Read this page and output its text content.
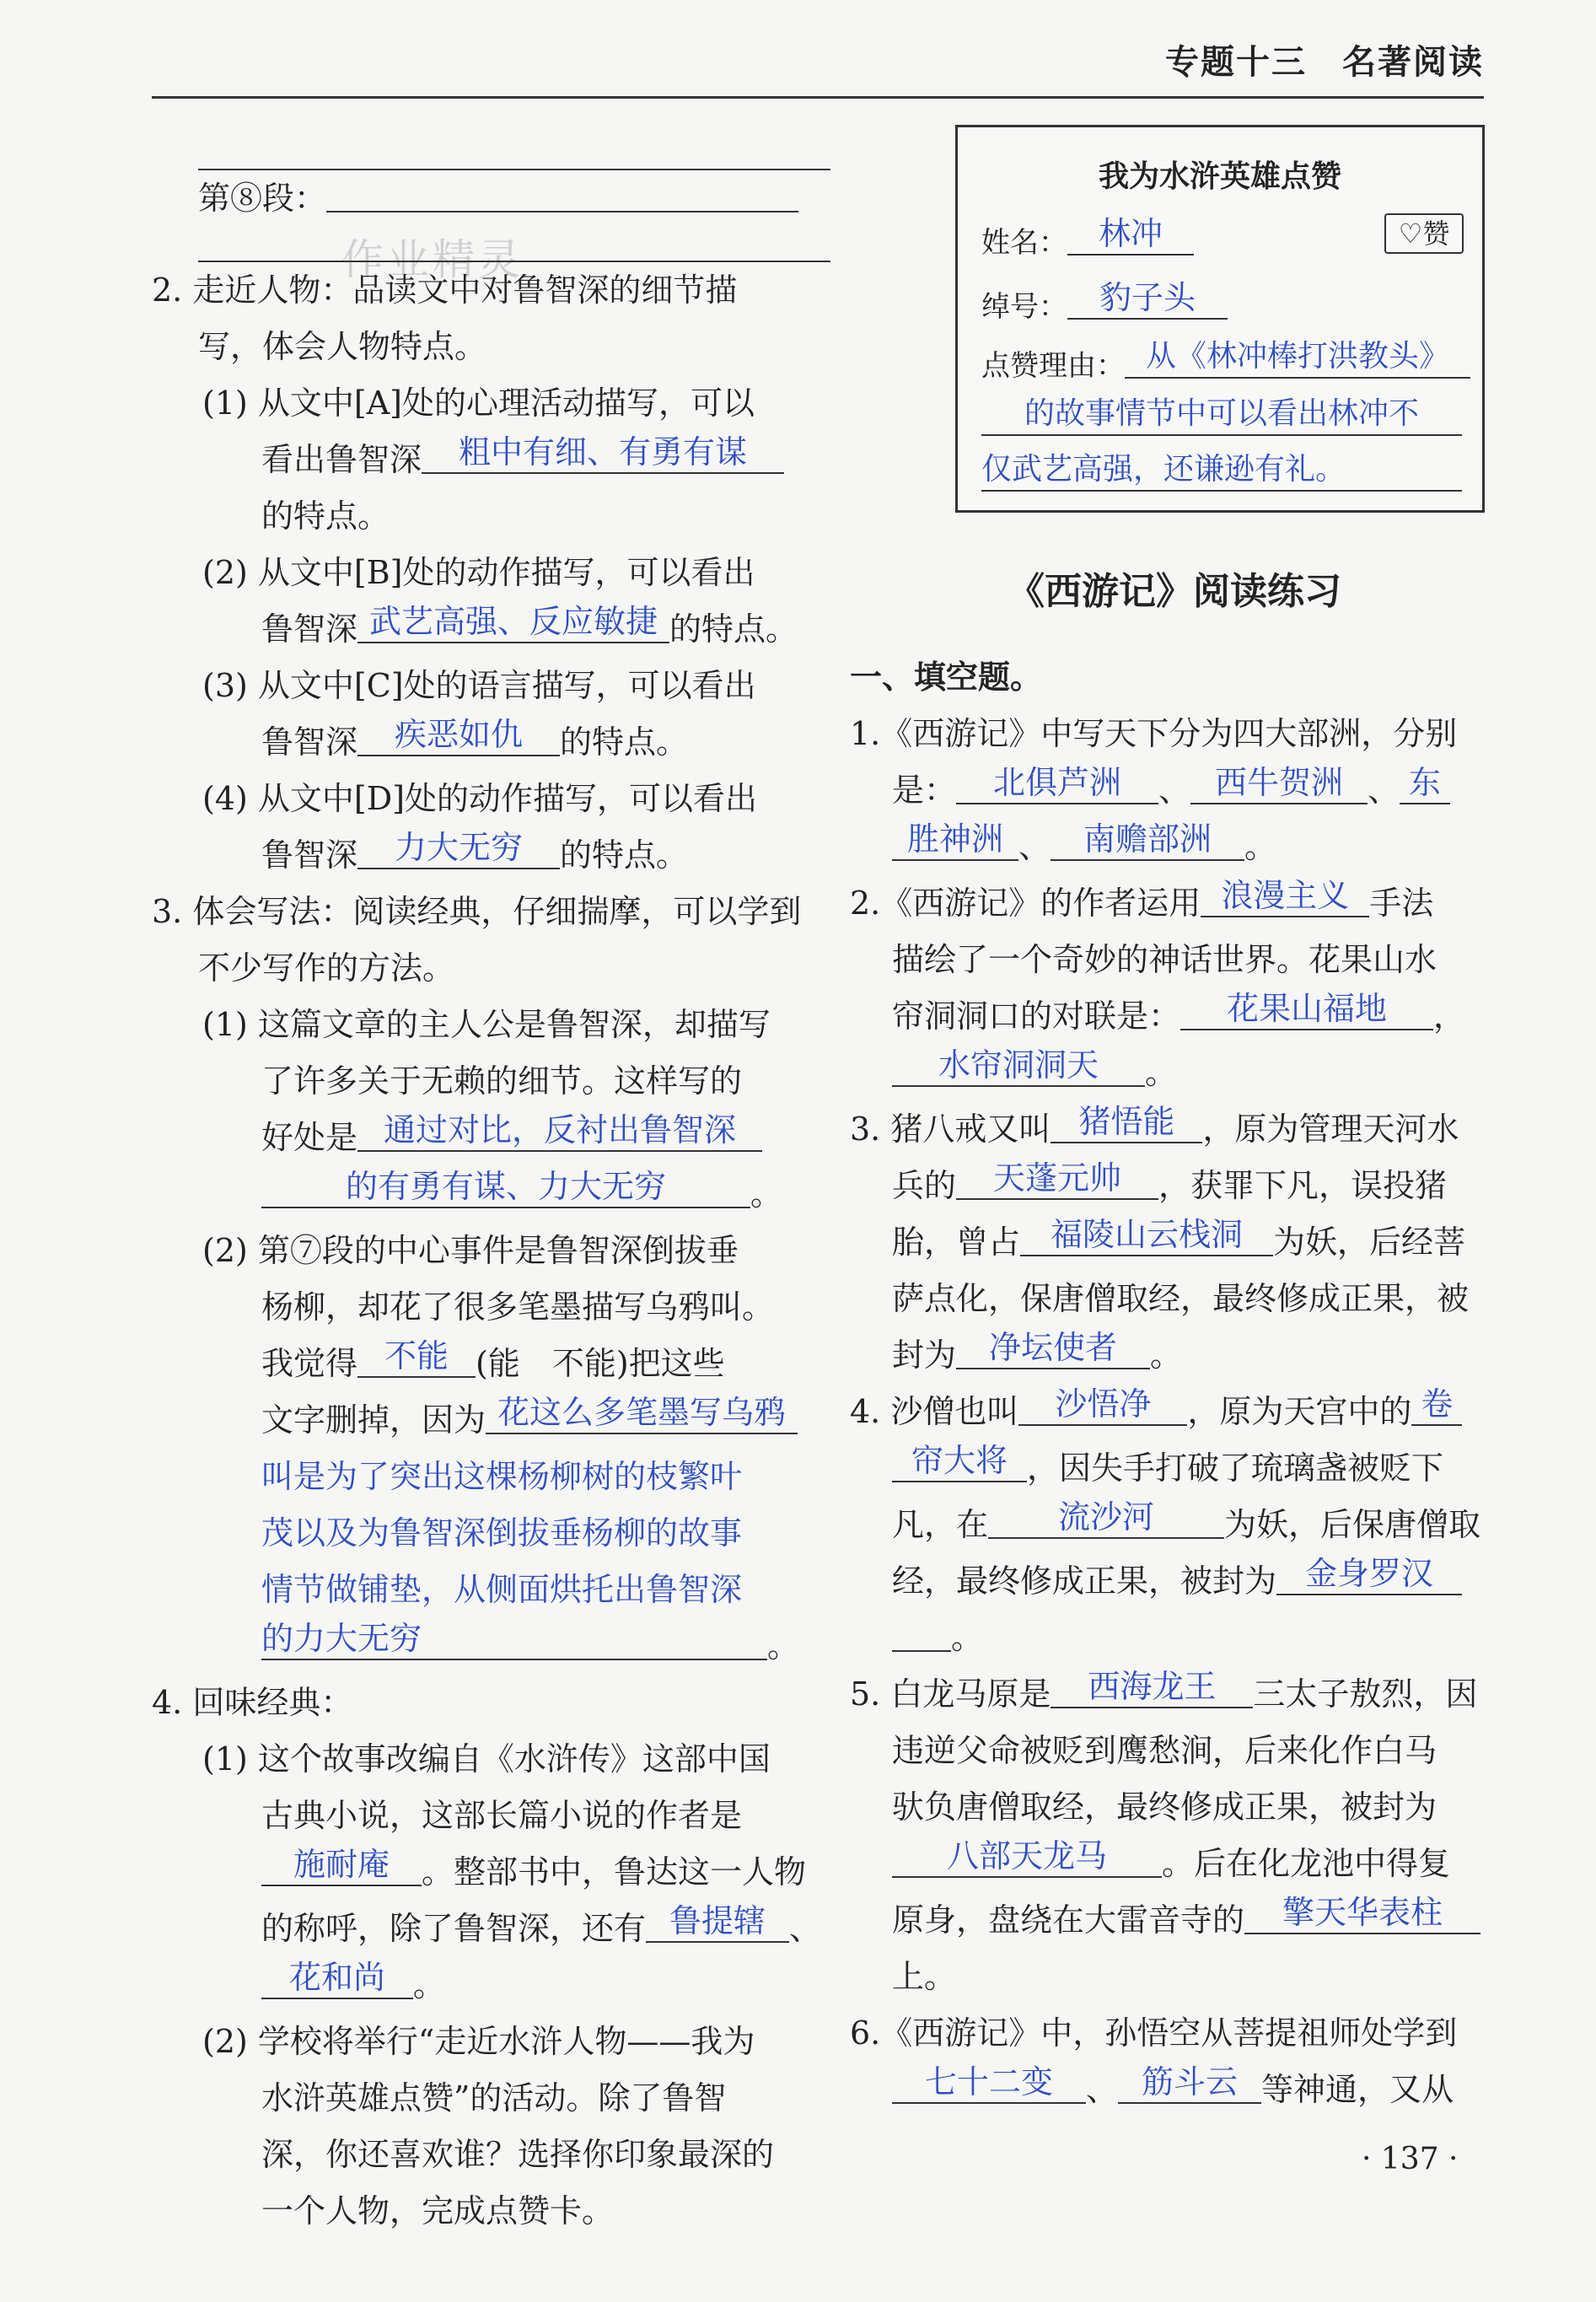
专题十三　名著阅读
作业精灵
第⑧段：
2. 走近人物：品读文中对鲁智深的细节描
写，体会人物特点。
(1) 从文中[A]处的心理活动描写，可以
看出鲁智深	粗中有细、有勇有谋
的特点。
(2) 从文中[B]处的动作描写，可以看出
鲁智深 武艺高强、反应敏捷 的特点。
(3) 从文中[C]处的语言描写，可以看出
鲁智深	疾恶如仇	的特点。
(4) 从文中[D]处的动作描写，可以看出
鲁智深	力大无穷	的特点。
3. 体会写法：阅读经典，仔细揣摩，可以学到
不少写作的方法。
(1) 这篇文章的主人公是鲁智深，却描写
了许多关于无赖的细节。这样写的
好处是 通过对比，反衬出鲁智深
的有勇有谋、力大无穷	。
(2) 第⑦段的中心事件是鲁智深倒拔垂
杨柳，却花了很多笔墨描写乌鸦叫。
我觉得 不能 (能　不能)把这些
文字删掉，因为 花这么多笔墨写乌鸦
叫是为了突出这棵杨柳树的枝繁叶
茂以及为鲁智深倒拔垂杨柳的故事
情节做铺垫，从侧面烘托出鲁智深
的力大无穷	。
4. 回味经典：
(1) 这个故事改编自《水浒传》这部中国
古典小说，这部长篇小说的作者是
施耐庵	。整部书中，鲁达这一人物
的称呼，除了鲁智深，还有 鲁提辖 、
花和尚 。
(2) 学校将举行“走近水浒人物——我为
水浒英雄点赞”的活动。除了鲁智
深，你还喜欢谁？选择你印象最深的
一个人物，完成点赞卡。
我为水浒英雄点赞
♡赞
姓名： 林冲
绰号： 豹子头
点赞理由： 从《林冲棒打洪教头》
的故事情节中可以看出林冲不
仅武艺高强，还谦逊有礼。
《西游记》阅读练习
一、填空题。
1.《西游记》中写天下分为四大部洲，分别
是：	北俱芦洲	、 西牛贺洲 、 东
胜神洲 、	南赡部洲	。
2.《西游记》的作者运用 浪漫主义 手法
描绘了一个奇妙的神话世界。花果山水
帘洞洞口的对联是：	花果山福地	，
水帘洞洞天	。
3. 猪八戒又叫 猪悟能 ，原为管理天河水
兵的	天蓬元帅	，获罪下凡，误投猪
胎，曾占 福陵山云栈洞 为妖，后经菩
萨点化，保唐僧取经，最终修成正果，被
封为	净坛使者	。
4. 沙僧也叫	沙悟净	，原为天宫中的 卷
帘大将 ，因失手打破了琉璃盏被贬下
凡，在	流沙河	为妖，后保唐僧取
经，最终修成正果，被封为 金身罗汉
。
5. 白龙马原是	西海龙王	三太子敖烈，因
违逆父命被贬到鹰愁涧，后来化作白马
驮负唐僧取经，最终修成正果，被封为
八部天龙马	。后在化龙池中得复
原身，盘绕在大雷音寺的	擎天华表柱
上。
6.《西游记》中，孙悟空从菩提祖师处学到
七十二变	、 筋斗云 等神通，又从
· 137 ·
